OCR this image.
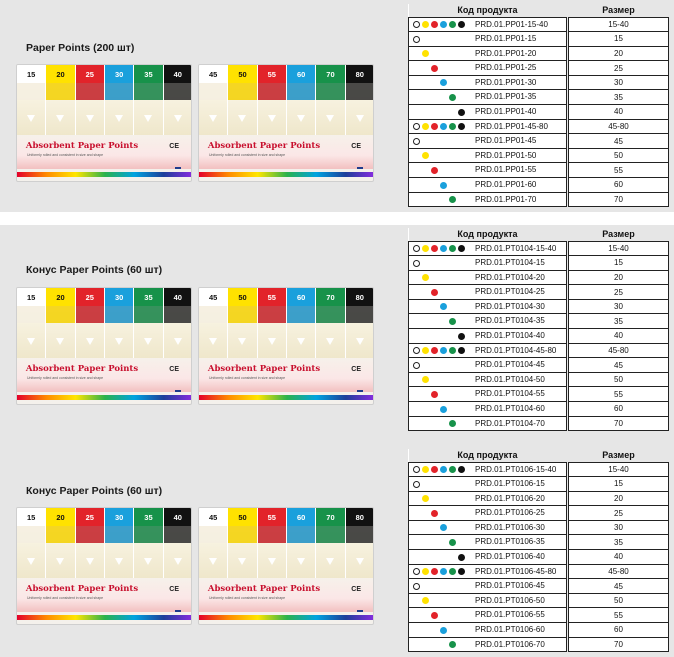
Paper Points (200 шт)
15	20	25	30	35	40
Absorbent Paper Points
Uniformly rolled and consistent in size and shape
CE
45	50	55	60	70	80
Absorbent Paper Points
Uniformly rolled and consistent in size and shape
CE
Код продукта		Размер

PRD.01.PP01-15-40		15-40

PRD.01.PP01-15		15

PRD.01.PP01-20		20

PRD.01.PP01-25		25

PRD.01.PP01-30		30

PRD.01.PP01-35		35

PRD.01.PP01-40		40

PRD.01.PP01-45-80		45-80

PRD.01.PP01-45		45

PRD.01.PP01-50		50

PRD.01.PP01-55		55

PRD.01.PP01-60		60

PRD.01.PP01-70		70
Конус Paper Points (60 шт)
15	20	25	30	35	40
Absorbent Paper Points
Uniformly rolled and consistent in size and shape
CE
45	50	55	60	70	80
Absorbent Paper Points
Uniformly rolled and consistent in size and shape
CE
Код продукта		Размер

PRD.01.PT0104-15-40		15-40

PRD.01.PT0104-15		15

PRD.01.PT0104-20		20

PRD.01.PT0104-25		25

PRD.01.PT0104-30		30

PRD.01.PT0104-35		35

PRD.01.PT0104-40		40

PRD.01.PT0104-45-80		45-80

PRD.01.PT0104-45		45

PRD.01.PT0104-50		50

PRD.01.PT0104-55		55

PRD.01.PT0104-60		60

PRD.01.PT0104-70		70
Конус Paper Points (60 шт)
15	20	25	30	35	40
Absorbent Paper Points
Uniformly rolled and consistent in size and shape
CE
45	50	55	60	70	80
Absorbent Paper Points
Uniformly rolled and consistent in size and shape
CE
Код продукта		Размер

PRD.01.PT0106-15-40		15-40

PRD.01.PT0106-15		15

PRD.01.PT0106-20		20

PRD.01.PT0106-25		25

PRD.01.PT0106-30		30

PRD.01.PT0106-35		35

PRD.01.PT0106-40		40

PRD.01.PT0106-45-80		45-80

PRD.01.PT0106-45		45

PRD.01.PT0106-50		50

PRD.01.PT0106-55		55

PRD.01.PT0106-60		60

PRD.01.PT0106-70		70
